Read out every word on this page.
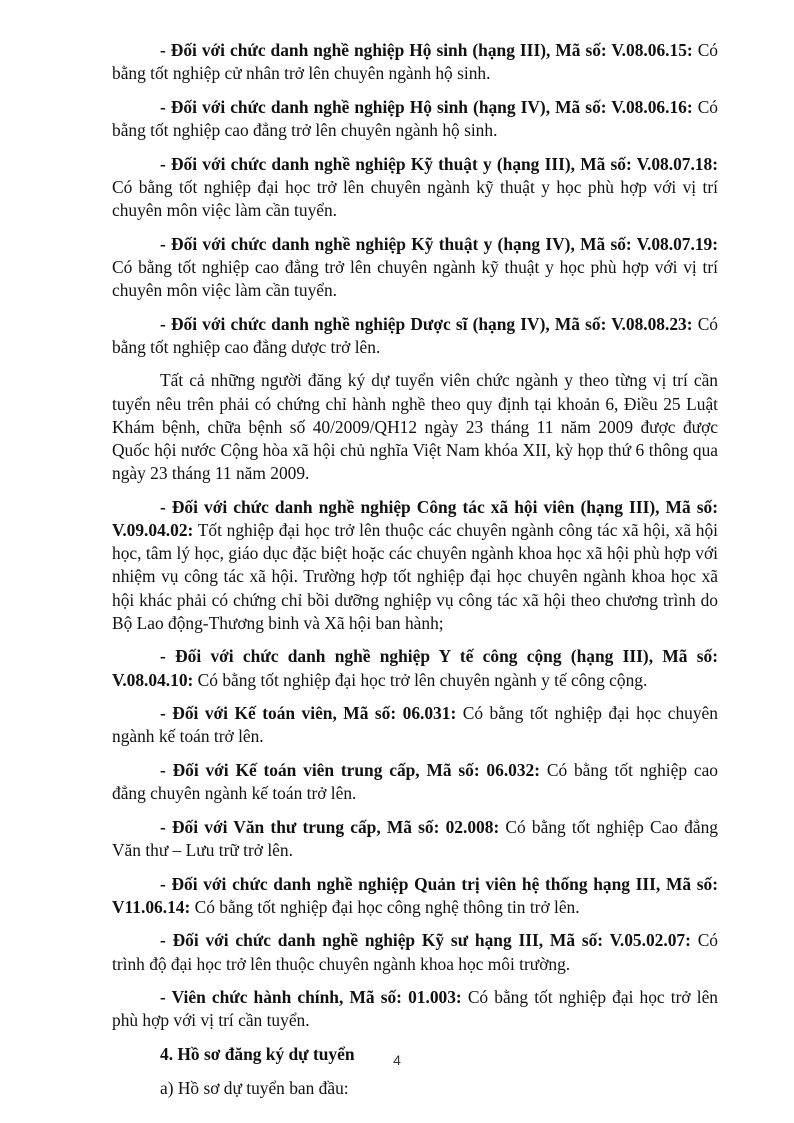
- Đối với chức danh nghề nghiệp Hộ sinh (hạng III), Mã số: V.08.06.15: Có bằng tốt nghiệp cử nhân trở lên chuyên ngành hộ sinh.

- Đối với chức danh nghề nghiệp Hộ sinh (hạng IV), Mã số: V.08.06.16: Có bằng tốt nghiệp cao đẳng trở lên chuyên ngành hộ sinh.

- Đối với chức danh nghề nghiệp Kỹ thuật y (hạng III), Mã số: V.08.07.18: Có bằng tốt nghiệp đại học trở lên chuyên ngành kỹ thuật y học phù hợp với vị trí chuyên môn việc làm cần tuyển.

- Đối với chức danh nghề nghiệp Kỹ thuật y (hạng IV), Mã số: V.08.07.19: Có bằng tốt nghiệp cao đẳng trở lên chuyên ngành kỹ thuật y học phù hợp với vị trí chuyên môn việc làm cần tuyển.

- Đối với chức danh nghề nghiệp Dược sĩ (hạng IV), Mã số: V.08.08.23: Có bằng tốt nghiệp cao đẳng dược trở lên.

Tất cả những người đăng ký dự tuyển viên chức ngành y theo từng vị trí cần tuyển nêu trên phải có chứng chỉ hành nghề theo quy định tại khoản 6, Điều 25 Luật Khám bệnh, chữa bệnh số 40/2009/QH12 ngày 23 tháng 11 năm 2009 được được Quốc hội nước Cộng hòa xã hội chủ nghĩa Việt Nam khóa XII, kỳ họp thứ 6 thông qua ngày 23 tháng 11 năm 2009.

- Đối với chức danh nghề nghiệp Công tác xã hội viên (hạng III), Mã số: V.09.04.02: Tốt nghiệp đại học trở lên thuộc các chuyên ngành công tác xã hội, xã hội học, tâm lý học, giáo dục đặc biệt hoặc các chuyên ngành khoa học xã hội phù hợp với nhiệm vụ công tác xã hội. Trường hợp tốt nghiệp đại học chuyên ngành khoa học xã hội khác phải có chứng chỉ bồi dưỡng nghiệp vụ công tác xã hội theo chương trình do Bộ Lao động-Thương binh và Xã hội ban hành;

- Đối với chức danh nghề nghiệp Y tế công cộng (hạng III), Mã số: V.08.04.10: Có bằng tốt nghiệp đại học trở lên chuyên ngành y tế công cộng.

- Đối với Kế toán viên, Mã số: 06.031: Có bằng tốt nghiệp đại học chuyên ngành kế toán trở lên.

- Đối với Kế toán viên trung cấp, Mã số: 06.032: Có bằng tốt nghiệp cao đẳng chuyên ngành kế toán trở lên.

- Đối với Văn thư trung cấp, Mã số: 02.008: Có bằng tốt nghiệp Cao đẳng Văn thư – Lưu trữ trở lên.

- Đối với chức danh nghề nghiệp Quản trị viên hệ thống hạng III, Mã số: V11.06.14: Có bằng tốt nghiệp đại học công nghệ thông tin trở lên.

- Đối với chức danh nghề nghiệp Kỹ sư hạng III, Mã số: V.05.02.07: Có trình độ đại học trở lên thuộc chuyên ngành khoa học môi trường.

- Viên chức hành chính, Mã số: 01.003: Có bằng tốt nghiệp đại học trở lên phù hợp với vị trí cần tuyển.

4. Hồ sơ đăng ký dự tuyển

a) Hồ sơ dự tuyển ban đầu:

4
